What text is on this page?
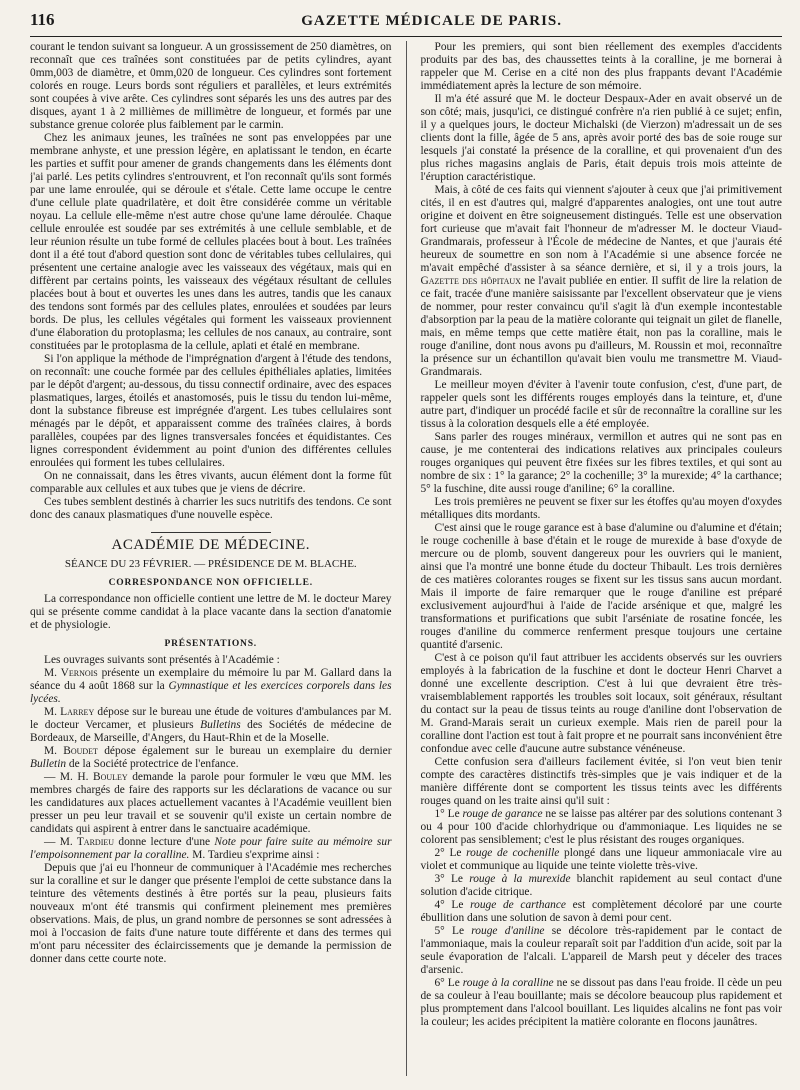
116	GAZETTE MÉDICALE DE PARIS.

courant le tendon suivant sa longueur. A un grossissement de 250 diamètres, on reconnaît que ces traînées sont constituées par de petits cylindres, ayant 0mm,003 de diamètre, et 0mm,020 de longueur. Ces cylindres sont fortement colorés en rouge. Leurs bords sont réguliers et parallèles, et leurs extrémités sont coupées à vive arête. Ces cylindres sont séparés les uns des autres par des disques, ayant 1 à 2 millièmes de millimètre de longueur, et formés par une substance grenue colorée plus faiblement par le carmin.

Chez les animaux jeunes, les traînées ne sont pas enveloppées par une membrane anhyste, et une pression légère, en aplatissant le tendon, en écarte les parties et suffit pour amener de grands changements dans les éléments dont j'ai parlé. Les petits cylindres s'entrouvrent, et l'on reconnaît qu'ils sont formés par une lame enroulée, qui se déroule et s'étale. Cette lame occupe le centre d'une cellule plate quadrilatère, et doit être considérée comme un véritable noyau. La cellule elle-même n'est autre chose qu'une lame déroulée. Chaque cellule enroulée est soudée par ses extrémités à une cellule semblable, et de leur réunion résulte un tube formé de cellules placées bout à bout. Les traînées dont il a été tout d'abord question sont donc de véritables tubes cellulaires, qui présentent une certaine analogie avec les vaisseaux des végétaux, mais qui en diffèrent par certains points, les vaisseaux des végétaux résultant de cellules placées bout à bout et ouvertes les unes dans les autres, tandis que les canaux des tendons sont formés par des cellules plates, enroulées et soudées par leurs bords. De plus, les cellules végétales qui forment les vaisseaux proviennent d'une élaboration du protoplasma; les cellules de nos canaux, au contraire, sont constituées par le protoplasma de la cellule, aplati et étalé en membrane.

Si l'on applique la méthode de l'imprégnation d'argent à l'étude des tendons, on reconnaît: une couche formée par des cellules épithéliales aplaties, limitées par le dépôt d'argent; au-dessous, du tissu connectif ordinaire, avec des espaces plasmatiques, larges, étoilés et anastomosés, puis le tissu du tendon lui-même, dont la substance fibreuse est imprégnée d'argent. Les tubes cellulaires sont ménagés par le dépôt, et apparaissent comme des traînées claires, à bords parallèles, coupées par des lignes transversales foncées et équidistantes. Ces lignes correspondent évidemment au point d'union des différentes cellules enroulées qui forment les tubes cellulaires.

On ne connaissait, dans les êtres vivants, aucun élément dont la forme fût comparable aux cellules et aux tubes que je viens de décrire.

Ces tubes semblent destinés à charrier les sucs nutritifs des tendons. Ce sont donc des canaux plasmatiques d'une nouvelle espèce.

ACADÉMIE DE MÉDECINE.

SÉANCE DU 23 FÉVRIER. — PRÉSIDENCE DE M. BLACHE.

CORRESPONDANCE NON OFFICIELLE.

La correspondance non officielle contient une lettre de M. le docteur Marey qui se présente comme candidat à la place vacante dans la section d'anatomie et de physiologie.

PRÉSENTATIONS.

Les ouvrages suivants sont présentés à l'Académie :

M. Vernois présente un exemplaire du mémoire lu par M. Gallard dans la séance du 4 août 1868 sur la Gymnastique et les exercices corporels dans les lycées.

M. Larrey dépose sur le bureau une étude de voitures d'ambulances par M. le docteur Vercamer, et plusieurs Bulletins des Sociétés de médecine de Bordeaux, de Marseille, d'Angers, du Haut-Rhin et de la Moselle.

M. Boudet dépose également sur le bureau un exemplaire du dernier Bulletin de la Société protectrice de l'enfance.

— M. H. Bouley demande la parole pour formuler le vœu que MM. les membres chargés de faire des rapports sur les déclarations de vacance ou sur les candidatures aux places actuellement vacantes à l'Académie veuillent bien presser un peu leur travail et se souvenir qu'il existe un certain nombre de candidats qui aspirent à entrer dans le sanctuaire académique.

— M. Tardieu donne lecture d'une Note pour faire suite au mémoire sur l'empoisonnement par la coralline. M. Tardieu s'exprime ainsi :

Depuis que j'ai eu l'honneur de communiquer à l'Académie mes recherches sur la coralline et sur le danger que présente l'emploi de cette substance dans la teinture des vêtements destinés à être portés sur la peau, plusieurs faits nouveaux m'ont été transmis qui confirment pleinement mes premières observations. Mais, de plus, un grand nombre de personnes se sont adressées à moi à l'occasion de faits d'une nature toute différente et dans des termes qui m'ont paru nécessiter des éclaircissements que je demande la permission de donner dans cette courte note.

Pour les premiers, qui sont bien réellement des exemples d'accidents produits par des bas, des chaussettes teints à la coralline, je me bornerai à rappeler que M. Cerise en a cité non des plus frappants devant l'Académie immédiatement après la lecture de son mémoire.

Il m'a été assuré que M. le docteur Despaux-Ader en avait observé un de son côté; mais, jusqu'ici, ce distingué confrère n'a rien publié à ce sujet; enfin, il y a quelques jours, le docteur Michalski (de Vierzon) m'adressait un de ses clients dont la fille, âgée de 5 ans, après avoir porté des bas de soie rouge sur lesquels j'ai constaté la présence de la coralline, et qui provenaient d'un des plus riches magasins anglais de Paris, était depuis trois mois atteinte de l'éruption caractéristique.

Mais, à côté de ces faits qui viennent s'ajouter à ceux que j'ai primitivement cités, il en est d'autres qui, malgré d'apparentes analogies, ont une tout autre origine et doivent en être soigneusement distingués. Telle est une observation fort curieuse que m'avait fait l'honneur de m'adresser M. le docteur Viaud-Grandmarais, professeur à l'École de médecine de Nantes, et que j'aurais été heureux de soumettre en son nom à l'Académie si une absence forcée ne m'avait empêché d'assister à sa séance dernière, et si, il y a trois jours, la Gazette des hôpitaux ne l'avait publiée en entier. Il suffit de lire la relation de ce fait, tracée d'une manière saisissante par l'excellent observateur que je viens de nommer, pour rester convaincu qu'il s'agit là d'un exemple incontestable d'absorption par la peau de la matière colorante qui teignait un gilet de flanelle, mais, en même temps que cette matière était, non pas la coralline, mais le rouge d'aniline, dont nous avons pu d'ailleurs, M. Roussin et moi, reconnaître la présence sur un échantillon qu'avait bien voulu me transmettre M. Viaud-Grandmarais.

Le meilleur moyen d'éviter à l'avenir toute confusion, c'est, d'une part, de rappeler quels sont les différents rouges employés dans la teinture, et, d'une autre part, d'indiquer un procédé facile et sûr de reconnaître la coralline sur les tissus à la coloration desquels elle a été employée.

Sans parler des rouges minéraux, vermillon et autres qui ne sont pas en cause, je me contenterai des indications relatives aux principales couleurs rouges organiques qui peuvent être fixées sur les fibres textiles, et qui sont au nombre de six : 1° la garance; 2° la cochenille; 3° la murexide; 4° la carthance; 5° la fuschine, dite aussi rouge d'aniline; 6° la coralline.

Les trois premières ne peuvent se fixer sur les étoffes qu'au moyen d'oxydes métalliques dits mordants.

C'est ainsi que le rouge garance est à base d'alumine ou d'alumine et d'étain; le rouge cochenille à base d'étain et le rouge de murexide à base d'oxyde de mercure ou de plomb, souvent dangereux pour les ouvriers qui le manient, ainsi que l'a montré une bonne étude du docteur Thibault. Les trois dernières de ces matières colorantes rouges se fixent sur les tissus sans aucun mordant. Mais il importe de faire remarquer que le rouge d'aniline est préparé exclusivement aujourd'hui à l'aide de l'acide arsénique et que, malgré les transformations et purifications que subit l'arséniate de rosatine foncée, les rouges d'aniline du commerce renferment presque toujours une certaine quantité d'arsenic.

C'est à ce poison qu'il faut attribuer les accidents observés sur les ouvriers employés à la fabrication de la fuschine et dont le docteur Henri Charvet a donné une excellente description. C'est à lui que devraient être très-vraisemblablement rapportés les troubles soit locaux, soit généraux, résultant du contact sur la peau de tissus teints au rouge d'aniline dont l'observation de M. Grand-Marais serait un curieux exemple. Mais rien de pareil pour la coralline dont l'action est tout à fait propre et ne pourrait sans inconvénient être confondue avec celle d'aucune autre substance vénéneuse.

Cette confusion sera d'ailleurs facilement évitée, si l'on veut bien tenir compte des caractères distinctifs très-simples que je vais indiquer et de la manière différente dont se comportent les tissus teints avec les différents rouges quand on les traite ainsi qu'il suit :

1° Le rouge de garance ne se laisse pas altérer par des solutions contenant 3 ou 4 pour 100 d'acide chlorhydrique ou d'ammoniaque. Les liquides ne se colorent pas sensiblement; c'est le plus résistant des rouges organiques.

2° Le rouge de cochenille plongé dans une liqueur ammoniacale vire au violet et communique au liquide une teinte violette très-vive.

3° Le rouge à la murexide blanchit rapidement au seul contact d'une solution d'acide citrique.

4° Le rouge de carthance est complètement décoloré par une courte ébullition dans une solution de savon à demi pour cent.

5° Le rouge d'aniline se décolore très-rapidement par le contact de l'ammoniaque, mais la couleur reparaît soit par l'addition d'un acide, soit par la seule évaporation de l'alcali. L'appareil de Marsh peut y déceler des traces d'arsenic.

6° Le rouge à la coralline ne se dissout pas dans l'eau froide. Il cède un peu de sa couleur à l'eau bouillante; mais se décolore beaucoup plus rapidement et plus promptement dans l'alcool bouillant. Les liquides alcalins ne font pas voir la couleur; les acides précipitent la matière colorante en flocons jaunâtres.
